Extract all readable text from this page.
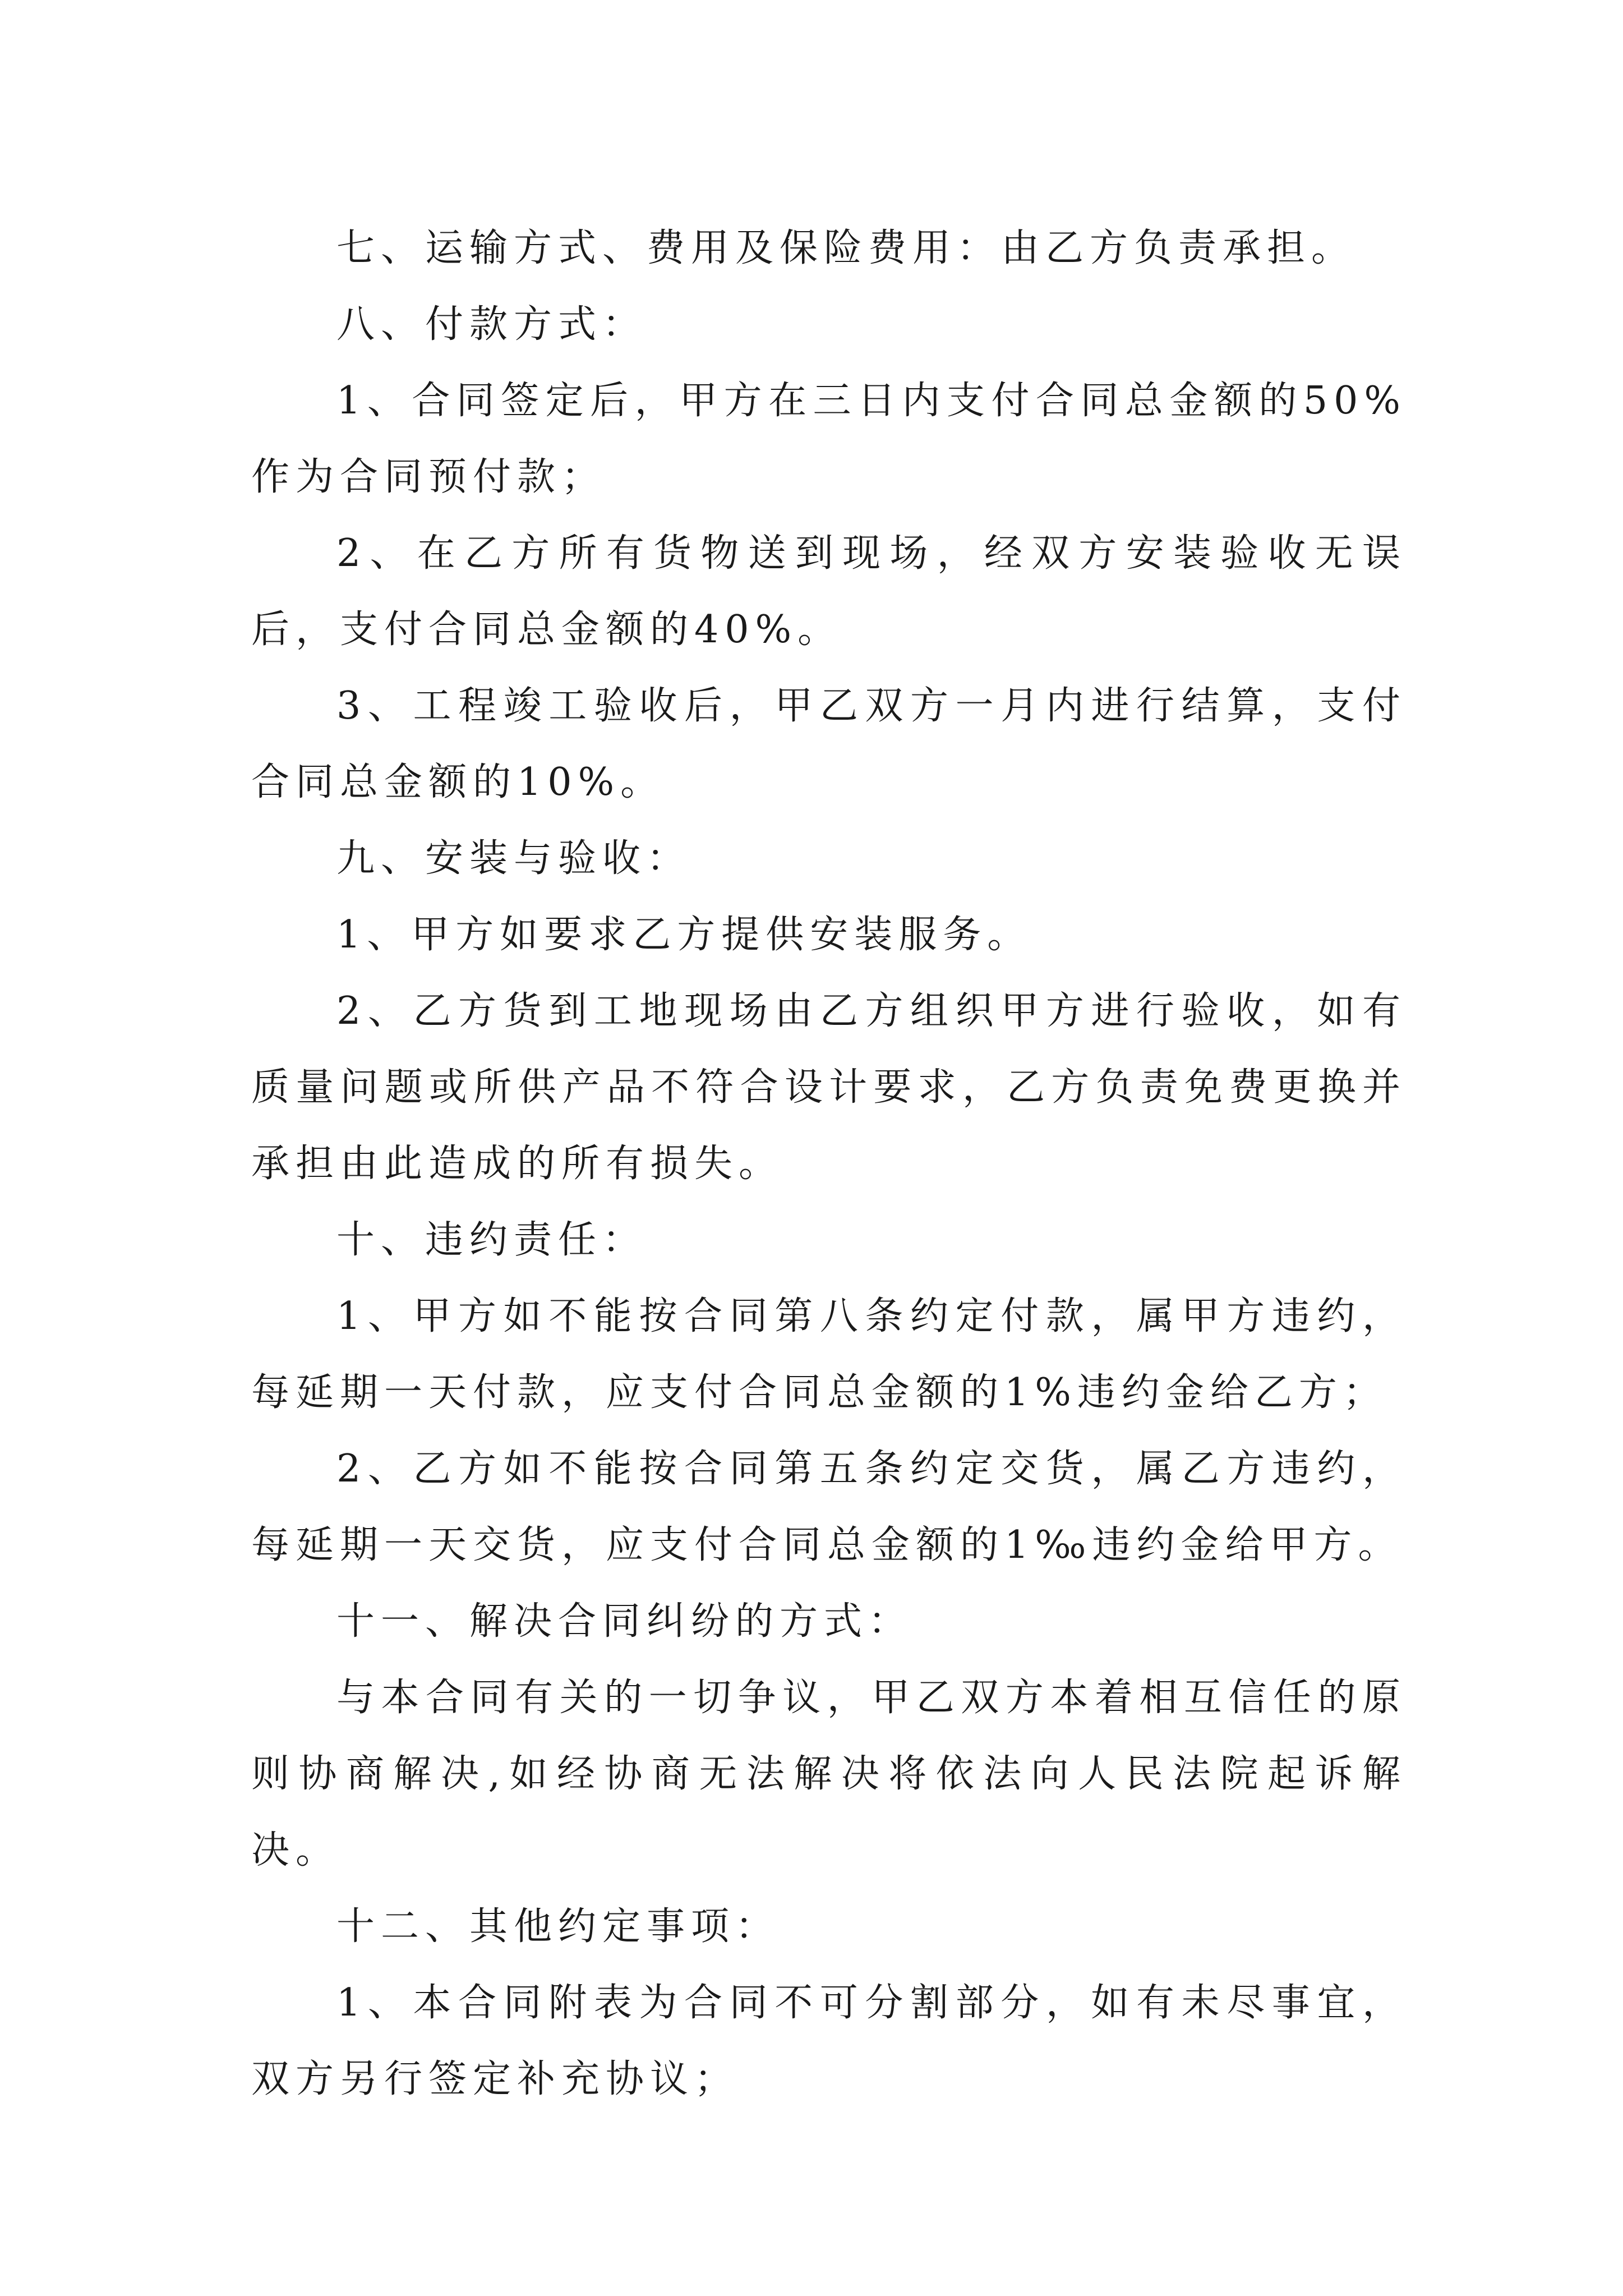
七、运输方式、费用及保险费用：由乙方负责承担。

八、付款方式：

1、合同签定后，甲方在三日内支付合同总金额的50%作为合同预付款；

2、在乙方所有货物送到现场，经双方安装验收无误后，支付合同总金额的40%。

3、工程竣工验收后，甲乙双方一月内进行结算，支付合同总金额的10%。

九、安装与验收：

1、甲方如要求乙方提供安装服务。

2、乙方货到工地现场由乙方组织甲方进行验收，如有质量问题或所供产品不符合设计要求，乙方负责免费更换并承担由此造成的所有损失。

十、违约责任：

1、甲方如不能按合同第八条约定付款，属甲方违约，每延期一天付款，应支付合同总金额的1%违约金给乙方；

2、乙方如不能按合同第五条约定交货，属乙方违约，每延期一天交货，应支付合同总金额的1‰违约金给甲方。

十一、解决合同纠纷的方式：

与本合同有关的一切争议，甲乙双方本着相互信任的原则协商解决,如经协商无法解决将依法向人民法院起诉解决。

十二、其他约定事项：

1、本合同附表为合同不可分割部分，如有未尽事宜，双方另行签定补充协议；
